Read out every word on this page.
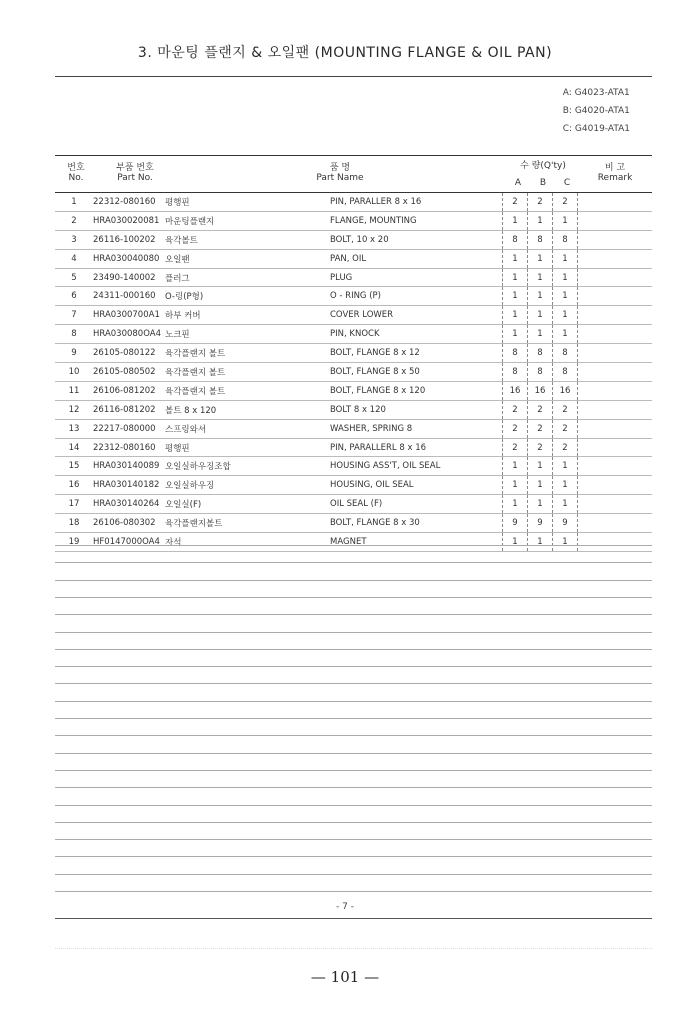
3. 마운팅 플랜지 & 오일팬 (MOUNTING FLANGE & OIL PAN)
A: G4023-ATA1
B: G4020-ATA1
C: G4019-ATA1
번호
No.
부품 번호
Part No.
품 명
Part Name
수 량(Q'ty)
A	B	C
비 고
Remark
1	22312-080160	평행핀	PIN, PARALLER 8 x 16	2	2	2	
2	HRA030020081	마운팅플랜지	FLANGE, MOUNTING	1	1	1	
3	26116-100202	육각볼트	BOLT, 10 x 20	8	8	8	
4	HRA030040080	오일팬	PAN, OIL	1	1	1	
5	23490-140002	플러그	PLUG	1	1	1	
6	24311-000160	O-링(P형)	O - RING (P)	1	1	1	
7	HRA0300700A1	하부 커버	COVER LOWER	1	1	1	
8	HRA030080OA4	노크핀	PIN, KNOCK	1	1	1	
9	26105-080122	육각플랜지 볼트	BOLT, FLANGE 8 x 12	8	8	8	
10	26105-080502	육각플랜지 볼트	BOLT, FLANGE 8 x 50	8	8	8	
11	26106-081202	육각플랜지 볼트	BOLT, FLANGE 8 x 120	16	16	16	
12	26116-081202	볼트 8 x 120	BOLT 8 x 120	2	2	2	
13	22217-080000	스프링와셔	WASHER, SPRING 8	2	2	2	
14	22312-080160	평행핀	PIN, PARALLERL 8 x 16	2	2	2	
15	HRA030140089	오일실하우징조합	HOUSING ASS'T, OIL SEAL	1	1	1	
16	HRA030140182	오일실하우징	HOUSING, OIL SEAL	1	1	1	
17	HRA030140264	오일실(F)	OIL SEAL (F)	1	1	1	
18	26106-080302	육각플랜지볼트	BOLT, FLANGE 8 x 30	9	9	9	
19	HF0147000OA4	자석	MAGNET	1	1	1	
- 7 -
— 101 —
